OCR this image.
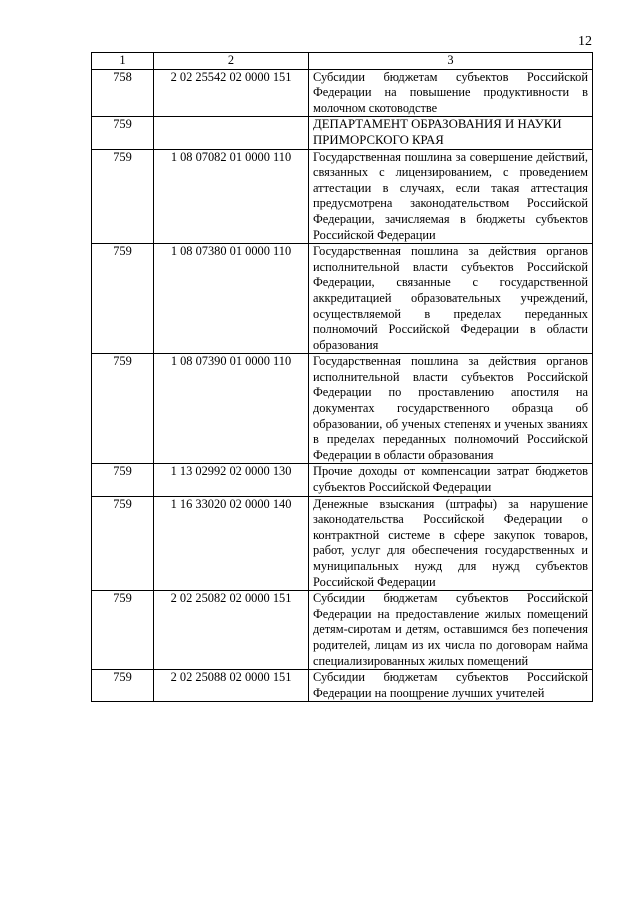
12
1	2	3
758	2 02 25542 02 0000 151	Субсидии бюджетам субъектов Российской Федерации на повышение продуктивности в молочном скотоводстве
759		ДЕПАРТАМЕНТ ОБРАЗОВАНИЯ И НАУКИ ПРИМОРСКОГО КРАЯ
759	1 08 07082 01 0000 110	Государственная пошлина за совершение действий, связанных с лицензированием, с проведением аттестации в случаях, если такая аттестация предусмотрена законодательством Российской Федерации, зачисляемая в бюджеты субъектов Российской Федерации
759	1 08 07380 01 0000 110	Государственная пошлина за действия органов исполнительной власти субъектов Российской Федерации, связанные с государственной аккредитацией образовательных учреждений, осуществляемой в пределах переданных полномочий Российской Федерации в области образования
759	1 08 07390 01 0000 110	Государственная пошлина за действия органов исполнительной власти субъектов Российской Федерации по проставлению апостиля на документах государственного образца об образовании, об ученых степенях и ученых званиях в пределах переданных полномочий Российской Федерации в области образования
759	1 13 02992 02 0000 130	Прочие доходы от компенсации затрат бюджетов субъектов Российской Федерации
759	1 16 33020 02 0000 140	Денежные взыскания (штрафы) за нарушение законодательства Российской Федерации о контрактной системе в сфере закупок товаров, работ, услуг для обеспечения государственных и муниципальных нужд для нужд субъектов Российской Федерации
759	2 02 25082 02 0000 151	Субсидии бюджетам субъектов Российской Федерации на предоставление жилых помещений детям-сиротам и детям, оставшимся без попечения родителей, лицам из их числа по договорам найма специализированных жилых помещений
759	2 02 25088 02 0000 151	Субсидии бюджетам субъектов Российской Федерации на поощрение лучших учителей
